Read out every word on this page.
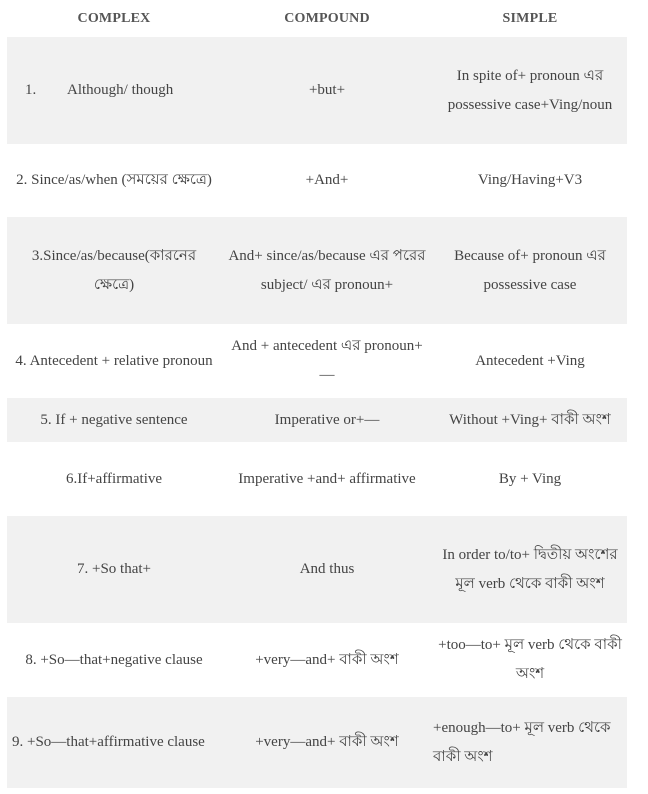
COMPLEX	COMPOUND	SIMPLE
1. Although/ though	+but+	In spite of+ pronoun এর possessive case+Ving/noun
2. Since/as/when (সময়ের ক্ষেত্রে)	+And+	Ving/Having+V3
3.Since/as/because(কারনের ক্ষেত্রে)	And+ since/as/because এর পরের subject/ এর pronoun+	Because of+ pronoun এর possessive case
4. Antecedent + relative pronoun	And + antecedent এর pronoun+ —	Antecedent +Ving
5. If + negative sentence	Imperative or+—	Without +Ving+ বাকী অংশ
6.If+affirmative	Imperative +and+ affirmative	By + Ving
7. +So that+	And thus	In order to/to+ দ্বিতীয় অংশের মূল verb থেকে বাকী অংশ
8. +So—that+negative clause	+very—and+ বাকী অংশ	+too—to+ মূল verb থেকে বাকী অংশ
9. +So—that+affirmative clause	+very—and+ বাকী অংশ	+enough—to+ মূল verb থেকে বাকী অংশ
